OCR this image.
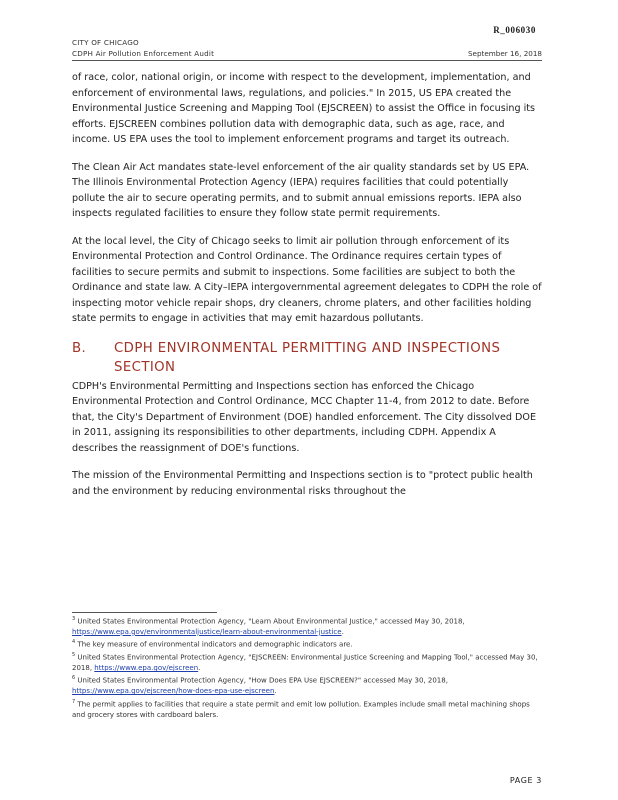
R_006030
CITY OF CHICAGO
CDPH Air Pollution Enforcement Audit	September 16, 2018

of race, color, national origin, or income with respect to the development, implementation, and enforcement of environmental laws, regulations, and policies." In 2015, US EPA created the Environmental Justice Screening and Mapping Tool (EJSCREEN) to assist the Office in focusing its efforts. EJSCREEN combines pollution data with demographic data, such as age, race, and income. US EPA uses the tool to implement enforcement programs and target its outreach.

The Clean Air Act mandates state-level enforcement of the air quality standards set by US EPA. The Illinois Environmental Protection Agency (IEPA) requires facilities that could potentially pollute the air to secure operating permits, and to submit annual emissions reports. IEPA also inspects regulated facilities to ensure they follow state permit requirements.

At the local level, the City of Chicago seeks to limit air pollution through enforcement of its Environmental Protection and Control Ordinance. The Ordinance requires certain types of facilities to secure permits and submit to inspections. Some facilities are subject to both the Ordinance and state law. A City–IEPA intergovernmental agreement delegates to CDPH the role of inspecting motor vehicle repair shops, dry cleaners, chrome platers, and other facilities holding state permits to engage in activities that may emit hazardous pollutants.

B.	CDPH ENVIRONMENTAL PERMITTING AND INSPECTIONS SECTION

CDPH's Environmental Permitting and Inspections section has enforced the Chicago Environmental Protection and Control Ordinance, MCC Chapter 11-4, from 2012 to date. Before that, the City's Department of Environment (DOE) handled enforcement. The City dissolved DOE in 2011, assigning its responsibilities to other departments, including CDPH. Appendix A describes the reassignment of DOE's functions.

The mission of the Environmental Permitting and Inspections section is to "protect public health and the environment by reducing environmental risks throughout the

$^3$ United States Environmental Protection Agency, "Learn About Environmental Justice," accessed May 30, 2018, https://www.epa.gov/environmentaljustice/learn-about-environmental-justice.

$^4$ The key measure of environmental indicators and demographic indicators are.

$^5$ United States Environmental Protection Agency, "EJSCREEN: Environmental Justice Screening and Mapping Tool," accessed May 30, 2018, https://www.epa.gov/ejscreen.

$^6$ United States Environmental Protection Agency, "How Does EPA Use EJSCREEN?" accessed May 30, 2018, https://www.epa.gov/ejscreen/how-does-epa-use-ejscreen.

$^7$ The permit applies to facilities that require a state permit and emit low pollution. Examples include small metal machining shops and grocery stores with cardboard balers.

PAGE 3
